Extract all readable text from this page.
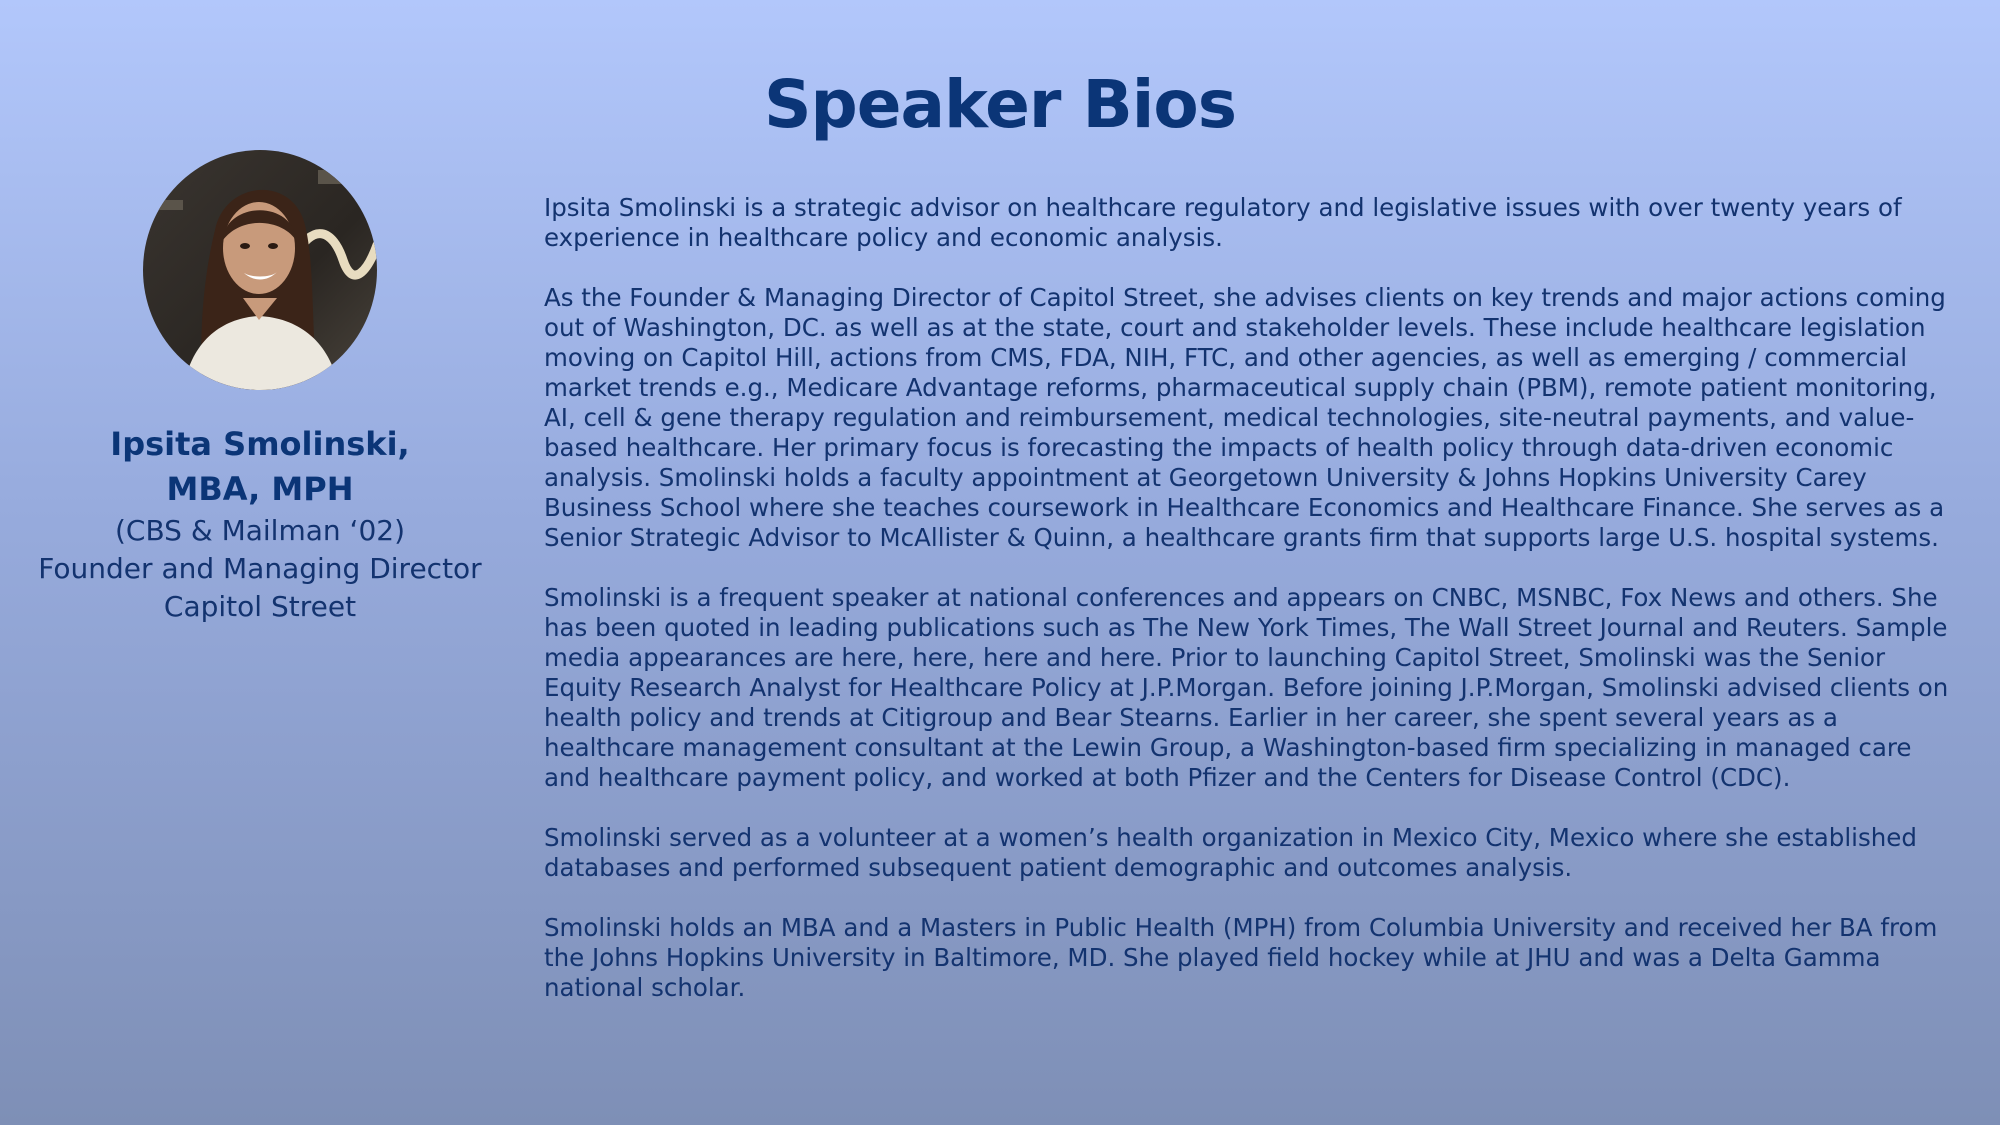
Speaker Bios
Ipsita Smolinski, MBA, MPH
(CBS & Mailman ‘02)
Founder and Managing Director
Capitol Street

Ipsita Smolinski is a strategic advisor on healthcare regulatory and legislative issues with over twenty years of experience in healthcare policy and economic analysis.

As the Founder & Managing Director of Capitol Street, she advises clients on key trends and major actions coming out of Washington, DC. as well as at the state, court and stakeholder levels. These include healthcare legislation moving on Capitol Hill, actions from CMS, FDA, NIH, FTC, and other agencies, as well as emerging / commercial market trends e.g., Medicare Advantage reforms, pharmaceutical supply chain (PBM), remote patient monitoring, AI, cell & gene therapy regulation and reimbursement, medical technologies, site-neutral payments, and value-based healthcare. Her primary focus is forecasting the impacts of health policy through data-driven economic analysis. Smolinski holds a faculty appointment at Georgetown University & Johns Hopkins University Carey Business School where she teaches coursework in Healthcare Economics and Healthcare Finance. She serves as a Senior Strategic Advisor to McAllister & Quinn, a healthcare grants firm that supports large U.S. hospital systems.

Smolinski is a frequent speaker at national conferences and appears on CNBC, MSNBC, Fox News and others. She has been quoted in leading publications such as The New York Times, The Wall Street Journal and Reuters. Sample media appearances are here, here, here and here. Prior to launching Capitol Street, Smolinski was the Senior Equity Research Analyst for Healthcare Policy at J.P.Morgan. Before joining J.P.Morgan, Smolinski advised clients on health policy and trends at Citigroup and Bear Stearns. Earlier in her career, she spent several years as a healthcare management consultant at the Lewin Group, a Washington-based firm specializing in managed care and healthcare payment policy, and worked at both Pfizer and the Centers for Disease Control (CDC).

Smolinski served as a volunteer at a women’s health organization in Mexico City, Mexico where she established databases and performed subsequent patient demographic and outcomes analysis.

Smolinski holds an MBA and a Masters in Public Health (MPH) from Columbia University and received her BA from the Johns Hopkins University in Baltimore, MD. She played field hockey while at JHU and was a Delta Gamma national scholar.
